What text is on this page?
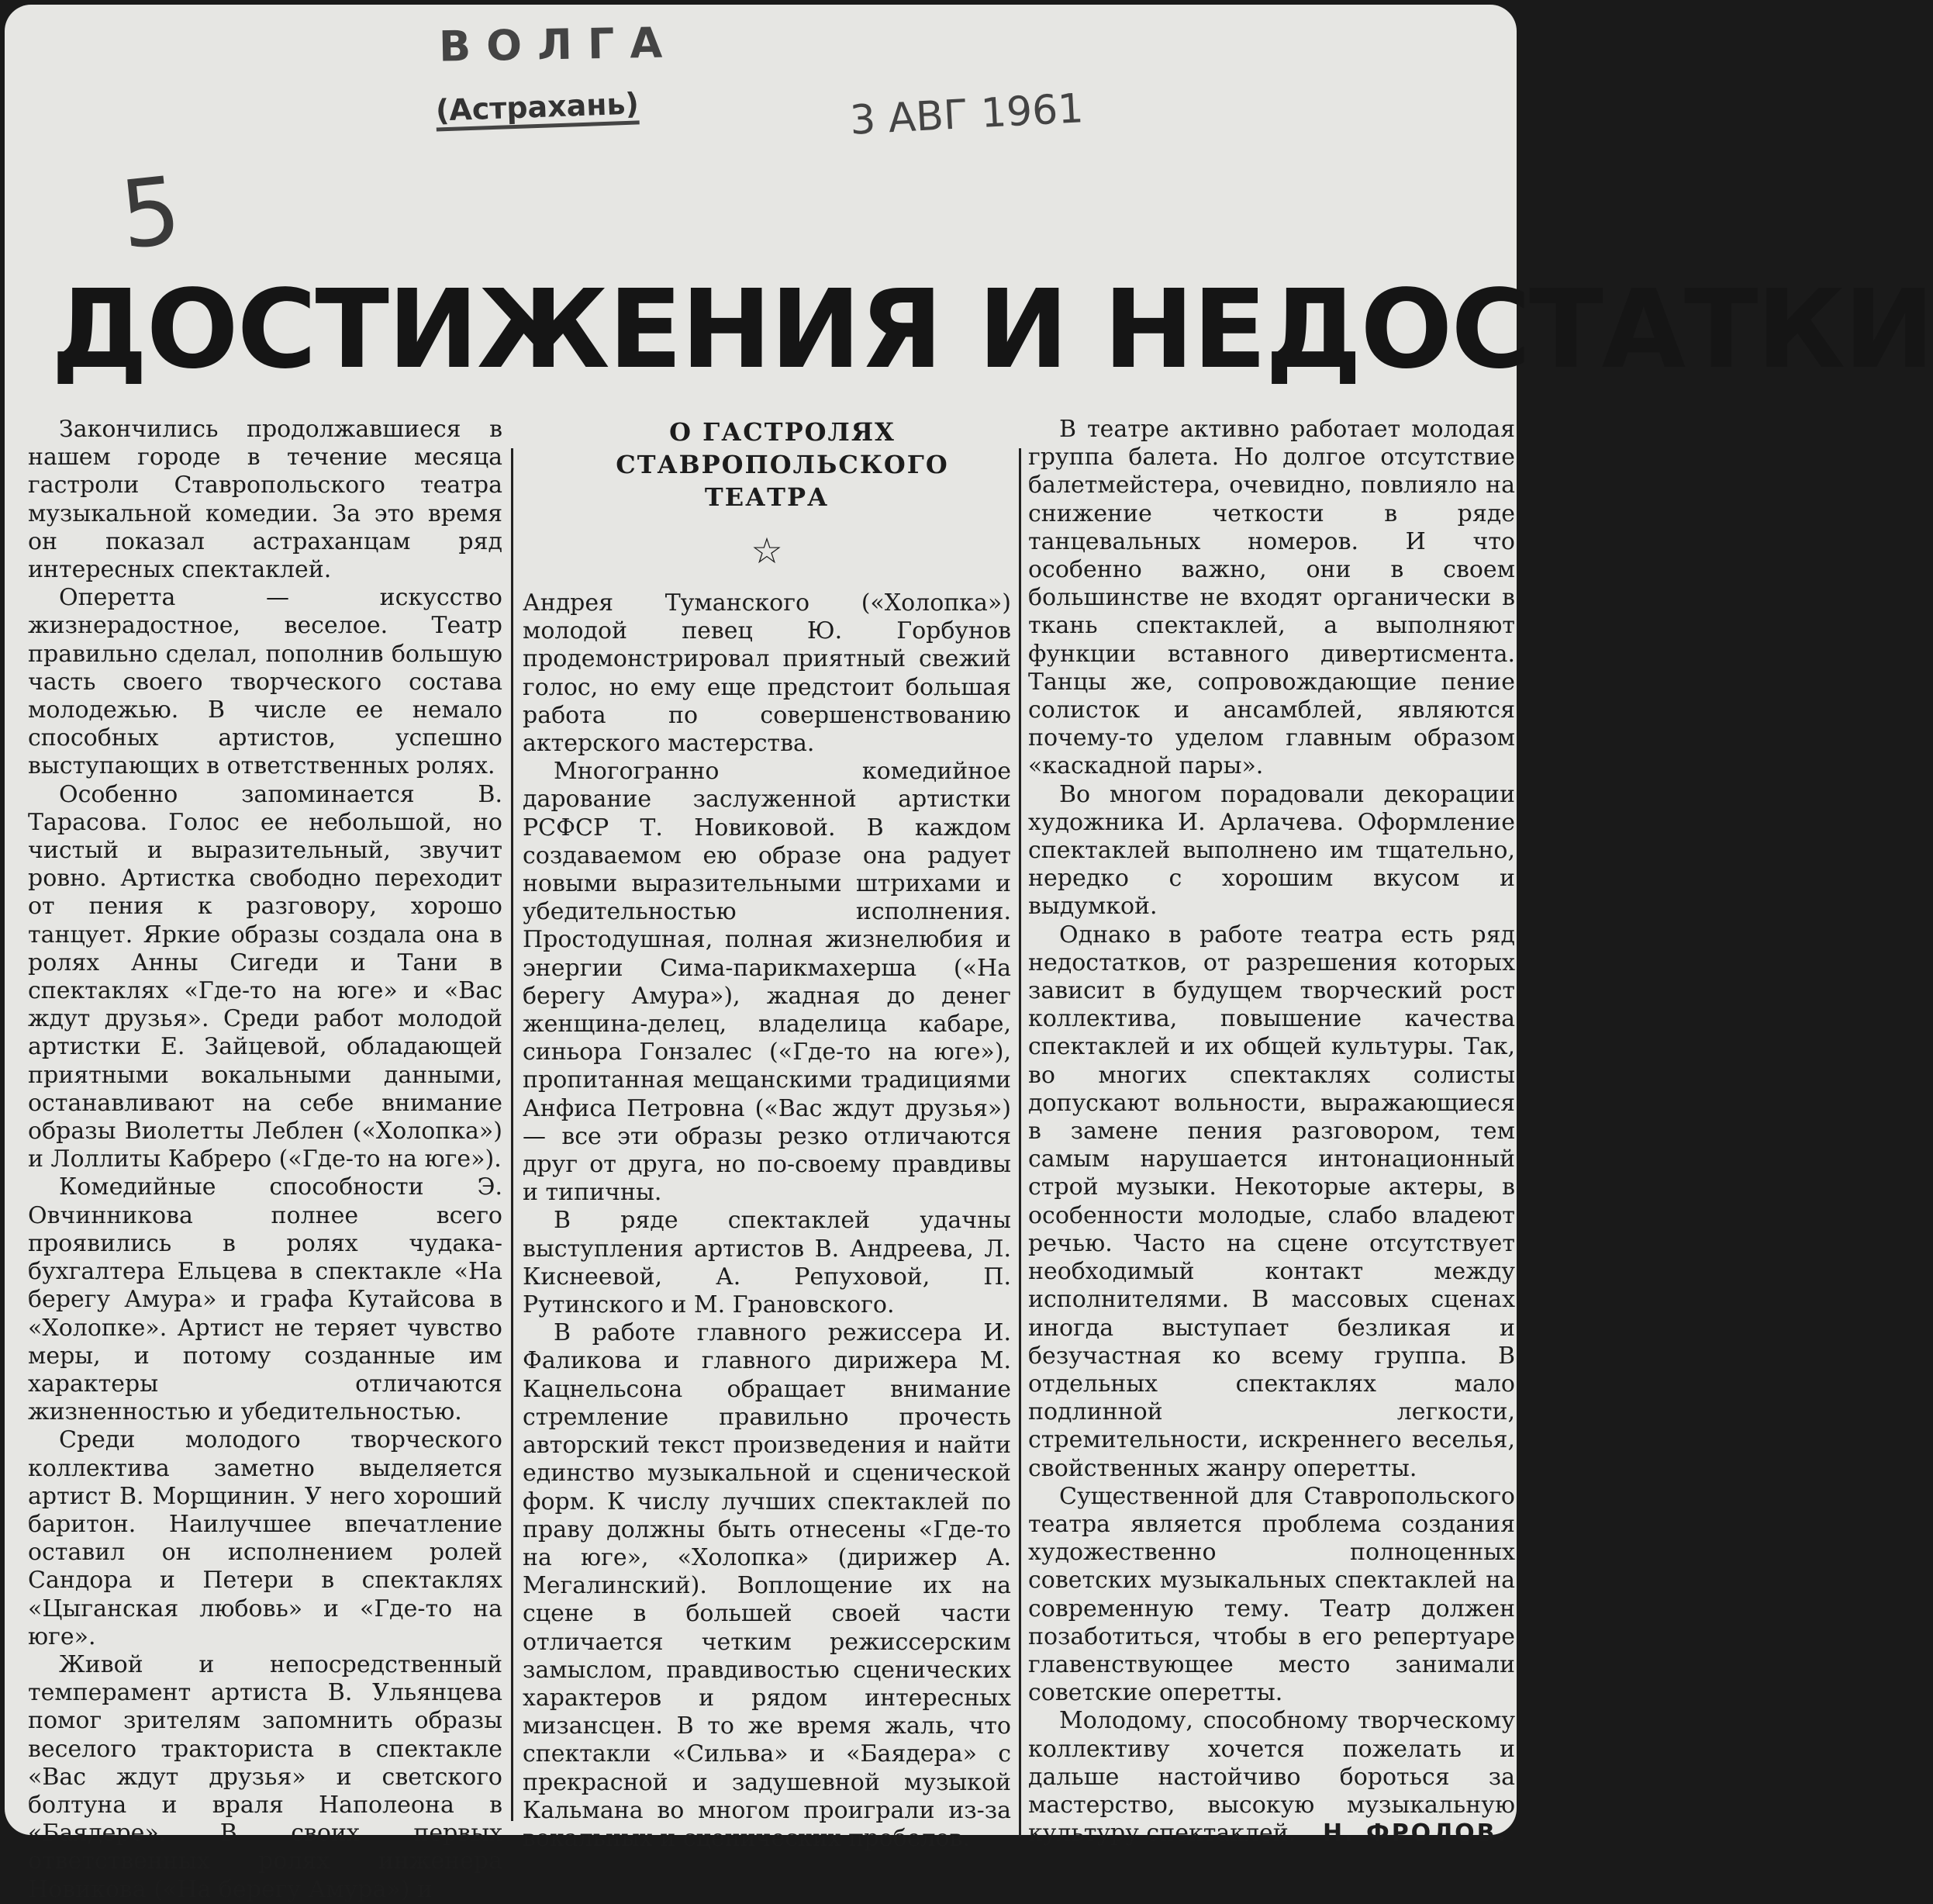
ВОЛГА
(Астрахань)	3 АВГ 1961
5
ДОСТИЖЕНИЯ И НЕДОСТАТКИ

Закончились продолжавшиеся в нашем городе в течение месяца гастроли Ставропольского театра музыкальной комедии. За это время он показал астраханцам ряд интересных спектаклей.

Оперетта — искусство жизнерадостное, веселое. Театр правильно сделал, пополнив большую часть своего творческого состава молодежью. В числе ее немало способных артистов, успешно выступающих в ответственных ролях.

Особенно запоминается В. Тарасова. Голос ее небольшой, но чистый и выразительный, звучит ровно. Артистка свободно переходит от пения к разговору, хорошо танцует. Яркие образы создала она в ролях Анны Сигеди и Тани в спектаклях «Где-то на юге» и «Вас ждут друзья». Среди работ молодой артистки Е. Зайцевой, обладающей приятными вокальными данными, останавливают на себе внимание образы Виолетты Леблен («Холопка») и Лоллиты Кабреро («Где-то на юге»).

Комедийные способности Э. Овчинникова полнее всего проявились в ролях чудака-бухгалтера Ельцева в спектакле «На берегу Амура» и графа Кутайсова в «Холопке». Артист не теряет чувство меры, и потому созданные им характеры отличаются жизненностью и убедительностью.

Среди молодого творческого коллектива заметно выделяется артист В. Морщинин. У него хороший баритон. Наилучшее впечатление оставил он исполнением ролей Сандора и Петери в спектаклях «Цыганская любовь» и «Где-то на юге».

Живой и непосредственный темперамент артиста В. Ульянцева помог зрителям запомнить образы веселого тракториста в спектакле «Вас ждут друзья» и светского болтуна и враля Наполеона в «Баядере». В своих первых ответственных ролях инженера Новикова («На берегу Амура») и

О ГАСТРОЛЯХ

СТАВРОПОЛЬСКОГО ТЕАТРА

☆

Андрея Туманского («Холопка») молодой певец Ю. Горбунов продемонстрировал приятный свежий голос, но ему еще предстоит большая работа по совершенствованию актерского мастерства.

Многогранно комедийное дарование заслуженной артистки РСФСР Т. Новиковой. В каждом создаваемом ею образе она радует новыми выразительными штрихами и убедительностью исполнения. Простодушная, полная жизнелюбия и энергии Сима-парикмахерша («На берегу Амура»), жадная до денег женщина-делец, владелица кабаре, синьора Гонзалес («Где-то на юге»), пропитанная мещанскими традициями Анфиса Петровна («Вас ждут друзья») — все эти образы резко отличаются друг от друга, но по-своему правдивы и типичны.

В ряде спектаклей удачны выступления артистов В. Андреева, Л. Киснеевой, А. Репуховой, П. Рутинского и М. Грановского.

В работе главного режиссера И. Фаликова и главного дирижера М. Кацнельсона обращает внимание стремление правильно прочесть авторский текст произведения и найти единство музыкальной и сценической форм. К числу лучших спектаклей по праву должны быть отнесены «Где-то на юге», «Холопка» (дирижер А. Мегалинский). Воплощение их на сцене в большей своей части отличается четким режиссерским замыслом, правдивостью сценических характеров и рядом интересных мизансцен. В то же время жаль, что спектакли «Сильва» и «Баядера» с прекрасной и задушевной музыкой Кальмана во многом проиграли из-за вокальных и сценических пробелов.

В театре активно работает молодая группа балета. Но долгое отсутствие балетмейстера, очевидно, повлияло на снижение четкости в ряде танцевальных номеров. И что особенно важно, они в своем большинстве не входят органически в ткань спектаклей, а выполняют функции вставного дивертисмента. Танцы же, сопровождающие пение солисток и ансамблей, являются почему-то уделом главным образом «каскадной пары».

Во многом порадовали декорации художника И. Арлачева. Оформление спектаклей выполнено им тщательно, нередко с хорошим вкусом и выдумкой.

Однако в работе театра есть ряд недостатков, от разрешения которых зависит в будущем творческий рост коллектива, повышение качества спектаклей и их общей культуры. Так, во многих спектаклях солисты допускают вольности, выражающиеся в замене пения разговором, тем самым нарушается интонационный строй музыки. Некоторые актеры, в особенности молодые, слабо владеют речью. Часто на сцене отсутствует необходимый контакт между исполнителями. В массовых сценах иногда выступает безликая и безучастная ко всему группа. В отдельных спектаклях мало подлинной легкости, стремительности, искреннего веселья, свойственных жанру оперетты.

Существенной для Ставропольского театра является проблема создания художественно полноценных советских музыкальных спектаклей на современную тему. Театр должен позаботиться, чтобы в его репертуаре главенствующее место занимали советские оперетты.

Молодому, способному творческому коллективу хочется пожелать и дальше настойчиво бороться за мастерство, высокую музыкальную культуру спектаклей.	Н. ФРОЛОВ.
